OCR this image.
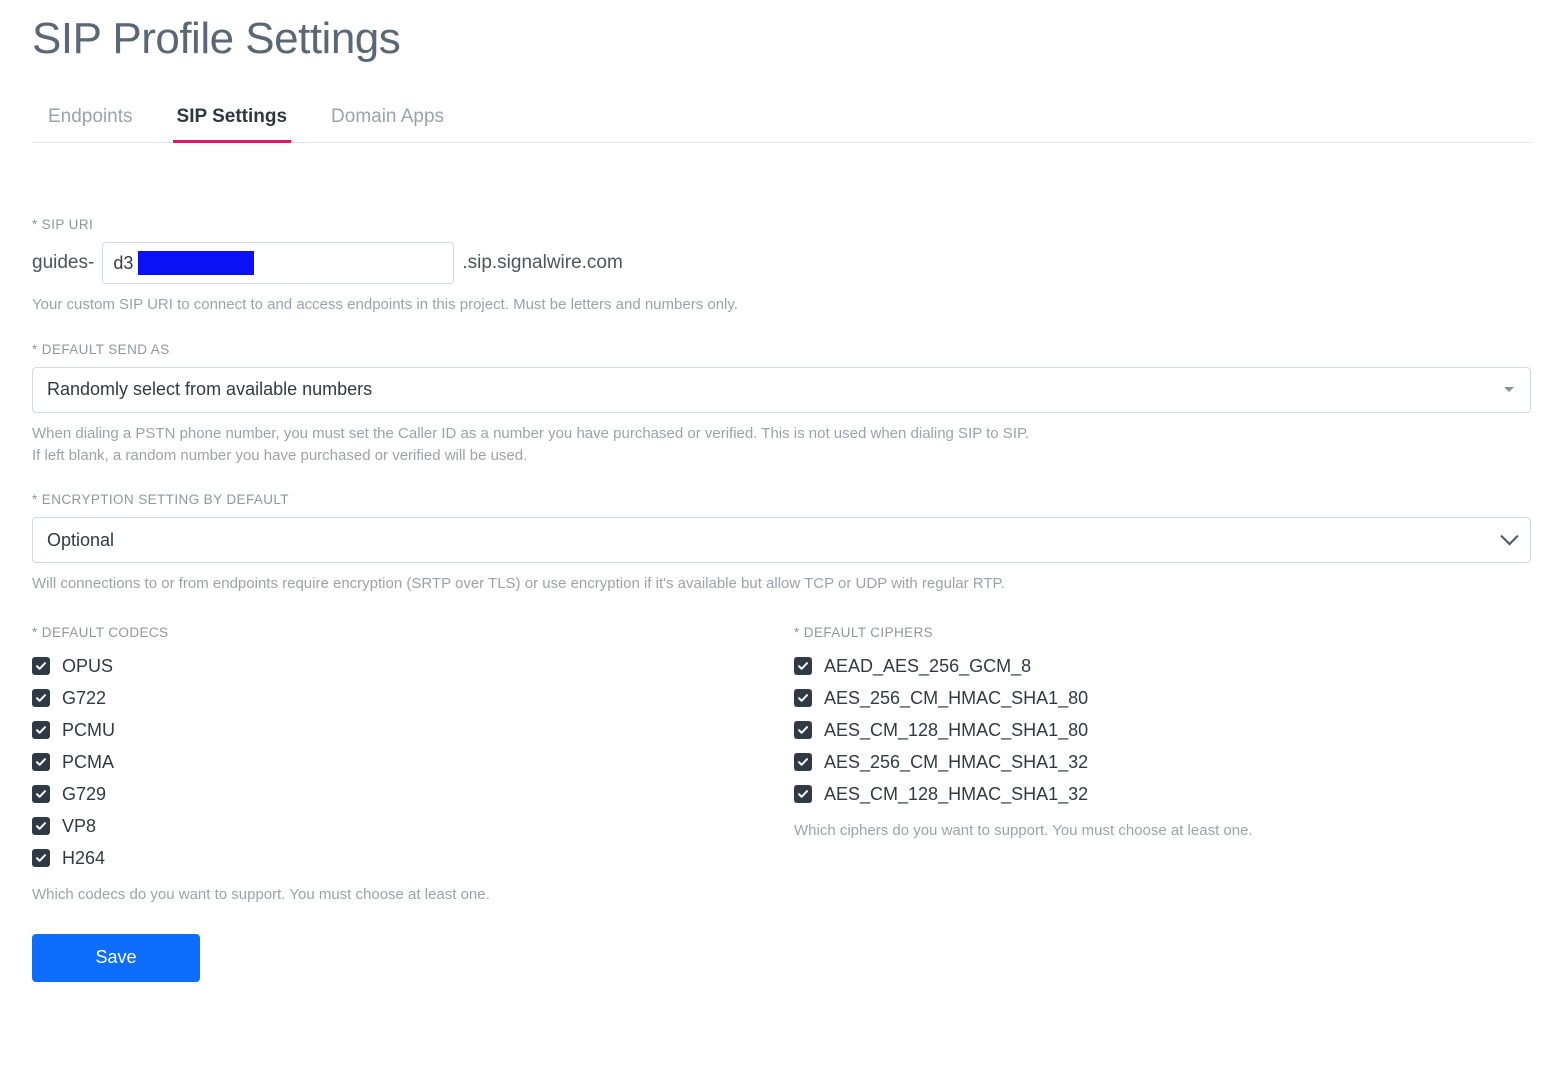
SIP Profile Settings
Endpoints SIP Settings Domain Apps
* SIP URI
guides-
d3	.sip.signalwire.com
Your custom SIP URI to connect to and access endpoints in this project. Must be letters and numbers only.
* DEFAULT SEND AS
Randomly select from available numbers
When dialing a PSTN phone number, you must set the Caller ID as a number you have purchased or verified. This is not used when dialing SIP to SIP.
If left blank, a random number you have purchased or verified will be used.
* ENCRYPTION SETTING BY DEFAULT
Optional
Will connections to or from endpoints require encryption (SRTP over TLS) or use encryption if it's available but allow TCP or UDP with regular RTP.
* DEFAULT CODECS
OPUS
G722
PCMU
PCMA
G729
VP8
H264
Which codecs do you want to support. You must choose at least one.
* DEFAULT CIPHERS
AEAD_AES_256_GCM_8
AES_256_CM_HMAC_SHA1_80
AES_CM_128_HMAC_SHA1_80
AES_256_CM_HMAC_SHA1_32
AES_CM_128_HMAC_SHA1_32
Which ciphers do you want to support. You must choose at least one.
Save
